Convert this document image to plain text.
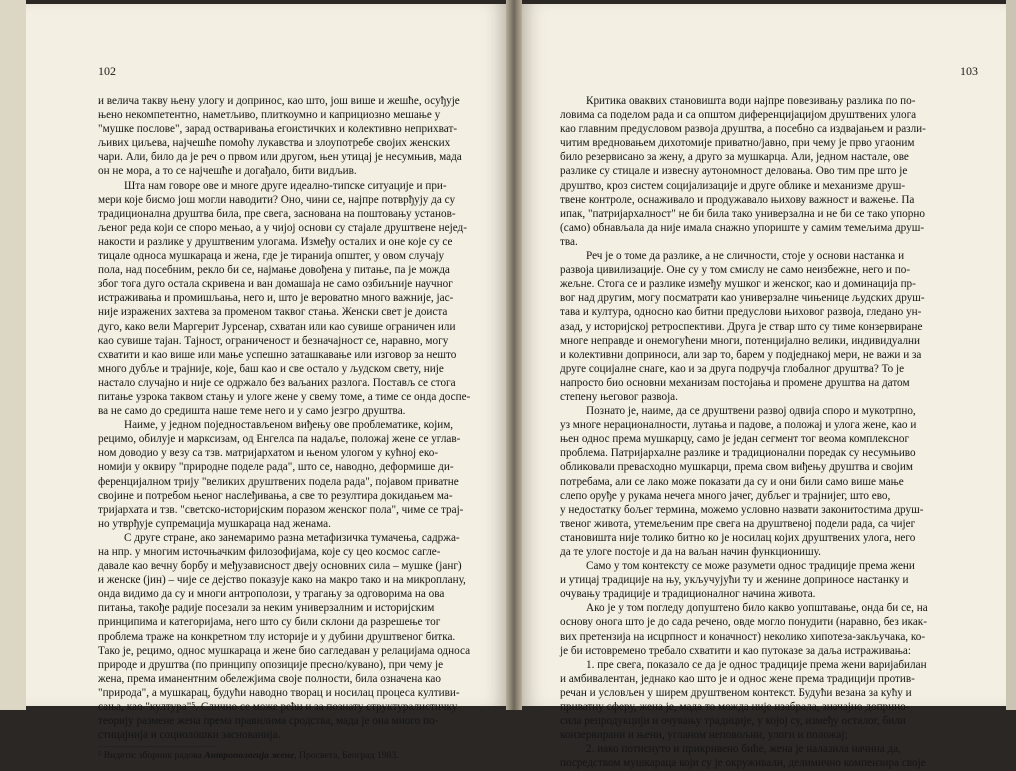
102
и велича такву њену улогу и допринос, као што, још више и жешће, осуђује
њено некомпетентно, наметљиво, плиткоумно и каприциозно мешање у
"мушке послове", зарад остваривања егоистичких и колективно неприхват-
љивих циљева, најчешће помоћу лукавства и злоупотребе својих женских
чари. Али, било да је реч о првом или другом, њен утицај је несумњив, мада
он не мора, а то се најчешће и догађало, бити видљив.
Шта нам говоре ове и многе друге идеално-типске ситуације и при-
мери које бисмо још могли наводити? Оно, чини се, најпре потврђују да су
традиционална друштва била, пре свега, заснована на поштовању установ-
љеног реда који се споро мењао, а у чијој основи су стајале друштвене неjед-
накости и разлике у друштвеним улогама. Између осталих и оне које су се
тицале односа мушкараца и жена, где је тиранија општег, у овом случају
пола, над посебним, рекло би се, најмање довођена у питање, па је можда
због тога дуго остала скривена и ван домашаја не само озбиљније научног
истраживања и промишљања, него и, што је вероватно много важније, јас-
није изражених захтева за променом таквог стања. Женски свет је доиста
дуго, како вели Маргерит Јурсенар, схватан или као сувише ограничен или
као сувише тајан. Тајност, ограниченост и безначајност се, наравно, могу
схватити и као више или мање успешно заташкавање или изговор за нешто
много дубље и трајније, које, баш као и све остало у људском свету, није
настало случајно и није се одржало без ваљаних разлога. Постављ се стога
питање узрока таквом стању и улоге жене у свему томе, а тиме се онда доспе-
ва не само до средишта наше теме него и у само језгро друштва.
Наиме, у једном поједностављеном виђењу ове проблематике, којим,
рецимо, обилује и марксизам, од Енгелса па надаље, положај жене се углав-
ном доводио у везу са тзв. матријархатом и њеном улогом у кућној еко-
номији у оквиру "природне поделе рада", што се, наводно, деформише ди-
ференцијалном трију "великих друштвених подела рада", појавом приватне
својине и потребом њеног наслеђивања, а све то резултира докидањем ма-
тријархата и тзв. "светско-историјским поразом женског пола", чиме се трај-
но утврђује супремација мушкараца над женама.
С друге стране, ако занемаримо разна метафизичка тумачења, садржа-
на нпр. у многим источњачким филозофијама, које су цео космос сагле-
давале као вечну борбу и међузависност двеју основних сила – мушке (јанг)
и женске (јин) – чије се дејство показује како на макро тако и на микроплану,
онда видимо да су и многи антрополози, у трагању за одговорима на ова
питања, такође радије посезали за неким универзалним и историјским
принципима и категоријама, него што су били склони да разрешење тог
проблема траже на конкретном тлу историје и у дубини друштвеног битка.
Тако је, рецимо, однос мушкараца и жене био сагледаван у релацијама односа
природе и друштва (по принципу опозиције пресно/кувано), при чему је
жена, према иманентним обележјима своје полности, била означена као
"природа", а мушкарац, будући наводно творац и носилац процеса култиви-
сања, као "култура"⁵. Слично се може рећи и за познату структуралистичку
теорију размене жена према правилима сродства, мада је она много по-
стицајнија и социолошки заснованија.
⁵ Видети: зборник радова Антропологија жене, Просвета, Београд 1983.
103
Критика оваквих становишта води најпре повезивању разлика по по-
ловима са поделом рада и са општом диференцијацијом друштвених улога
као главним предусловом развоја друштва, а посебно са издвајањем и разли-
читим вредновањем дихотомије приватно/јавно, при чему је прво угаоним
било резервисано за жену, а друго за мушкарца. Али, једном настале, ове
разлике су стицале и извесну аутономност деловања. Ово тим пре што је
друштво, кроз систем социјализације и друге облике и механизме друш-
твене контроле, оснаживало и продужавало њихову важност и важење. Па
ипак, "патријархалност" не би била тако универзална и не би се тако упорно
(само) обнављала да није имала снажно упориште у самим темељима друш-
тва.
Реч је о томе да разлике, а не сличности, стоје у основи настанка и
развоја цивилизације. Оне су у том смислу не само неизбежне, него и по-
жељне. Стога се и разлике између мушког и женског, као и доминација пр-
вог над другим, могу посматрати као универзалне чињенице људских друш-
тава и култура, односно као битни предуслови њиховог развоја, гледано ун-
азад, у историјској ретроспективи. Друга је ствар што су тиме конзервиране
многе неправде и онемогућени многи, потенцијално велики, индивидуални
и колективни доприноси, али зар то, барем у подједнакој мери, не важи и за
друге социјалне снаге, као и за друга подручја глобалног друштва? То је
напросто био основни механизам постојања и промене друштва на датом
степену његовог развоја.
Познато је, наиме, да се друштвени развој одвија споро и мукотрпно,
уз многе нерационалности, лутања и падове, а положај и улога жене, као и
њен однос према мушкарцу, само је један сегмент тог веома комплексног
проблема. Патријархалне разлике и традиционални поредак су несумњиво
обликовали превасходно мушкарци, према свом виђењу друштва и својим
потребама, али се лако може показати да су и они били само више мање
слепо оруђе у рукама нечега много јачег, дубљег и трајнијег, што ево,
у недостатку бољег термина, можемо условно назвати законитостима друш-
твеног живота, утемељеним пре свега на друштвеној подели рада, са чијег
становишта није толико битно ко је носилац којих друштвених улога, него
да те улоге постоје и да на ваљан начин функционишу.
Само у том контексту се може разумети однос традиције према жени
и утицај традиције на њу, укључујући ту и женине доприносе настанку и
очувању традиције и традиционалног начина живота.
Ако је у том погледу допуштено било какво уопштавање, онда би се, на
основу онога што је до сада речено, овде могло понудити (наравно, без икак-
вих претензија на исцрпност и коначност) неколико хипотеза-закључака, ко-
је би истовремено требало схватити и као путоказе за даља истраживања:
1. пре свега, показало се да је однос традиције према жени варијабилан
и амбивалентан, једнако као што је и однос жене према традицији против-
речан и условљен у ширем друштвеном контекст. Будући везана за кућу и
приватну сферу, жена је, мада то можда није изабрала, значајно доприно-
сила репродукцији и очувању традиције, у којој су, између осталог, били
конзервирани и њени, угланом неповољни, улоги и положај;
2. иако потиснуто и прикривено биће, жена је налазила начина да,
посредством мушкараца који су је окруживали, делимично компензира своје
